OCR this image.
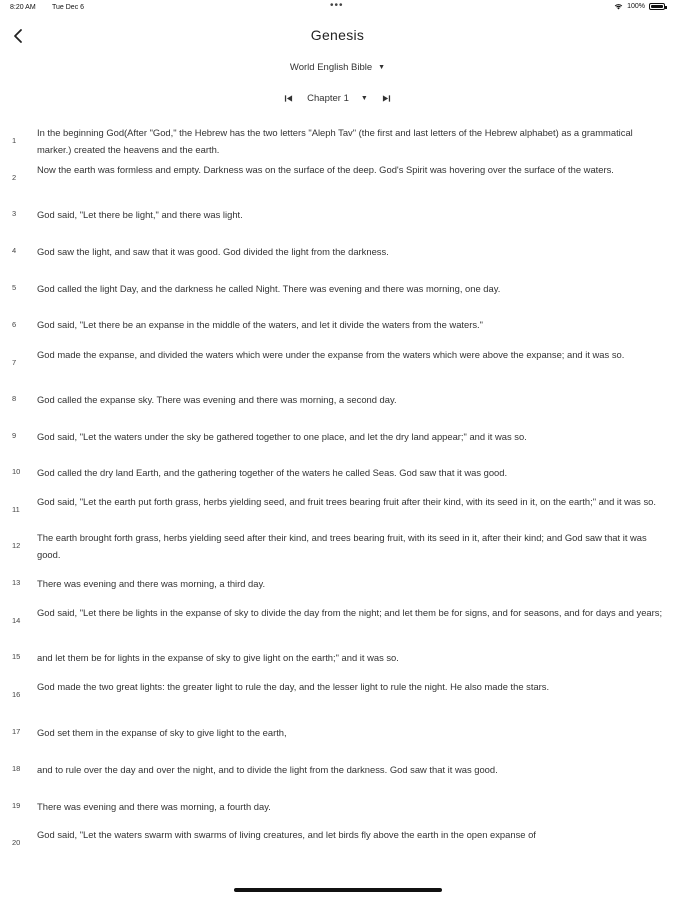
8:20 AM Tue Dec 6	•••	100%
Genesis
World English Bible ▼
Chapter 1 ▼
1
In the beginning God(After "God," the Hebrew has the two letters "Aleph Tav" (the first and last letters of the Hebrew alphabet) as a grammatical marker.) created the heavens and the earth.
2
Now the earth was formless and empty. Darkness was on the surface of the deep. God's Spirit was hovering over the surface of the waters.
3 God said, "Let there be light," and there was light.
4 God saw the light, and saw that it was good. God divided the light from the darkness.
5 God called the light Day, and the darkness he called Night. There was evening and there was morning, one day.
6 God said, "Let there be an expanse in the middle of the waters, and let it divide the waters from the waters."
7
God made the expanse, and divided the waters which were under the expanse from the waters which were above the expanse; and it was so.
8 God called the expanse sky. There was evening and there was morning, a second day.
9 God said, "Let the waters under the sky be gathered together to one place, and let the dry land appear;" and it was so.
10 God called the dry land Earth, and the gathering together of the waters he called Seas. God saw that it was good.
11
God said, "Let the earth put forth grass, herbs yielding seed, and fruit trees bearing fruit after their kind, with its seed in it, on the earth;" and it was so.
12
The earth brought forth grass, herbs yielding seed after their kind, and trees bearing fruit, with its seed in it, after their kind; and God saw that it was good.
13 There was evening and there was morning, a third day.
14
God said, "Let there be lights in the expanse of sky to divide the day from the night; and let them be for signs, and for seasons, and for days and years;
15 and let them be for lights in the expanse of sky to give light on the earth;" and it was so.
16
God made the two great lights: the greater light to rule the day, and the lesser light to rule the night. He also made the stars.
17 God set them in the expanse of sky to give light to the earth,
18 and to rule over the day and over the night, and to divide the light from the darkness. God saw that it was good.
19 There was evening and there was morning, a fourth day.
20
God said, "Let the waters swarm with swarms of living creatures, and let birds fly above the earth in the open expanse of
